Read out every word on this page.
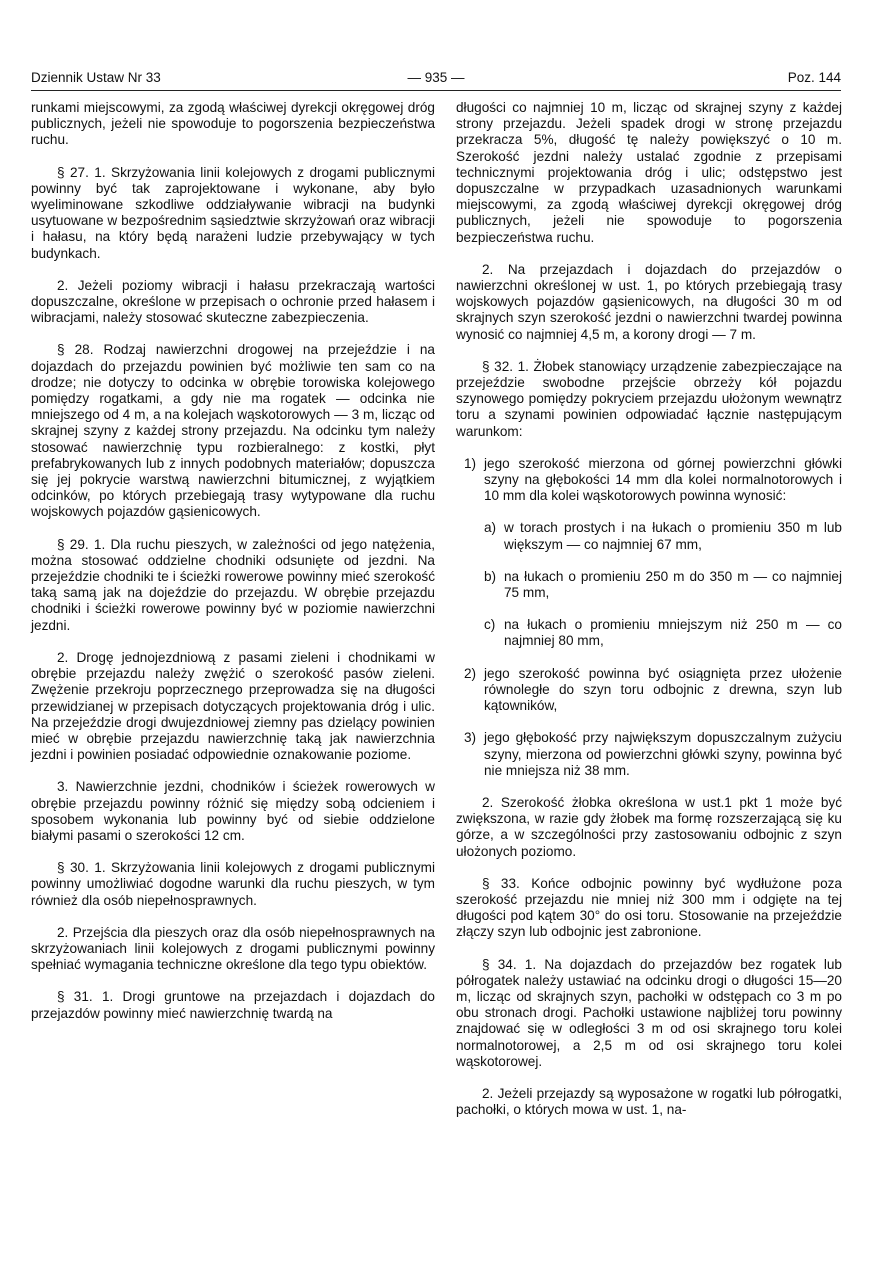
Dziennik Ustaw Nr 33	— 935 —	Poz. 144

runkami miejscowymi, za zgodą właściwej dyrekcji okręgowej dróg publicznych, jeżeli nie spowoduje to pogorszenia bezpieczeństwa ruchu.

§ 27. 1. Skrzyżowania linii kolejowych z drogami publicznymi powinny być tak zaprojektowane i wykonane, aby było wyeliminowane szkodliwe oddziaływanie wibracji na budynki usytuowane w bezpośrednim sąsiedztwie skrzyżowań oraz wibracji i hałasu, na który będą narażeni ludzie przebywający w tych budynkach.

2. Jeżeli poziomy wibracji i hałasu przekraczają wartości dopuszczalne, określone w przepisach o ochronie przed hałasem i wibracjami, należy stosować skuteczne zabezpieczenia.

§ 28. Rodzaj nawierzchni drogowej na przejeździe i na dojazdach do przejazdu powinien być możliwie ten sam co na drodze; nie dotyczy to odcinka w obrębie torowiska kolejowego pomiędzy rogatkami, a gdy nie ma rogatek — odcinka nie mniejszego od 4 m, a na kolejach wąskotorowych — 3 m, licząc od skrajnej szyny z każdej strony przejazdu. Na odcinku tym należy stosować nawierzchnię typu rozbieralnego: z kostki, płyt prefabrykowanych lub z innych podobnych materiałów; dopuszcza się jej pokrycie warstwą nawierzchni bitumicznej, z wyjątkiem odcinków, po których przebiegają trasy wytypowane dla ruchu wojskowych pojazdów gąsienicowych.

§ 29. 1. Dla ruchu pieszych, w zależności od jego natężenia, można stosować oddzielne chodniki odsunięte od jezdni. Na przejeździe chodniki te i ścieżki rowerowe powinny mieć szerokość taką samą jak na dojeździe do przejazdu. W obrębie przejazdu chodniki i ścieżki rowerowe powinny być w poziomie nawierzchni jezdni.

2. Drogę jednojezdniową z pasami zieleni i chodnikami w obrębie przejazdu należy zwężić o szerokość pasów zieleni. Zwężenie przekroju poprzecznego przeprowadza się na długości przewidzianej w przepisach dotyczących projektowania dróg i ulic. Na przejeździe drogi dwujezdniowej ziemny pas dzielący powinien mieć w obrębie przejazdu nawierzchnię taką jak nawierzchnia jezdni i powinien posiadać odpowiednie oznakowanie poziome.

3. Nawierzchnie jezdni, chodników i ścieżek rowerowych w obrębie przejazdu powinny różnić się między sobą odcieniem i sposobem wykonania lub powinny być od siebie oddzielone białymi pasami o szerokości 12 cm.

§ 30. 1. Skrzyżowania linii kolejowych z drogami publicznymi powinny umożliwiać dogodne warunki dla ruchu pieszych, w tym również dla osób niepełnosprawnych.

2. Przejścia dla pieszych oraz dla osób niepełnosprawnych na skrzyżowaniach linii kolejowych z drogami publicznymi powinny spełniać wymagania techniczne określone dla tego typu obiektów.

§ 31. 1. Drogi gruntowe na przejazdach i dojazdach do przejazdów powinny mieć nawierzchnię twardą na

długości co najmniej 10 m, licząc od skrajnej szyny z każdej strony przejazdu. Jeżeli spadek drogi w stronę przejazdu przekracza 5%, długość tę należy powiększyć o 10 m. Szerokość jezdni należy ustalać zgodnie z przepisami technicznymi projektowania dróg i ulic; odstępstwo jest dopuszczalne w przypadkach uzasadnionych warunkami miejscowymi, za zgodą właściwej dyrekcji okręgowej dróg publicznych, jeżeli nie spowoduje to pogorszenia bezpieczeństwa ruchu.

2. Na przejazdach i dojazdach do przejazdów o nawierzchni określonej w ust. 1, po których przebiegają trasy wojskowych pojazdów gąsienicowych, na długości 30 m od skrajnych szyn szerokość jezdni o nawierzchni twardej powinna wynosić co najmniej 4,5 m, a korony drogi — 7 m.

§ 32. 1. Żłobek stanowiący urządzenie zabezpieczające na przejeździe swobodne przejście obrzeży kół pojazdu szynowego pomiędzy pokryciem przejazdu ułożonym wewnątrz toru a szynami powinien odpowiadać łącznie następującym warunkom:

1) jego szerokość mierzona od górnej powierzchni główki szyny na głębokości 14 mm dla kolei normalnotorowych i 10 mm dla kolei wąskotorowych powinna wynosić:
a) w torach prostych i na łukach o promieniu 350 m lub większym — co najmniej 67 mm,
b) na łukach o promieniu 250 m do 350 m — co najmniej 75 mm,
c) na łukach o promieniu mniejszym niż 250 m — co najmniej 80 mm,
2) jego szerokość powinna być osiągnięta przez ułożenie równoległe do szyn toru odbojnic z drewna, szyn lub kątowników,
3) jego głębokość przy największym dopuszczalnym zużyciu szyny, mierzona od powierzchni główki szyny, powinna być nie mniejsza niż 38 mm.

2. Szerokość żłobka określona w ust.1 pkt 1 może być zwiększona, w razie gdy żłobek ma formę rozszerzającą się ku górze, a w szczególności przy zastosowaniu odbojnic z szyn ułożonych poziomo.

§ 33. Końce odbojnic powinny być wydłużone poza szerokość przejazdu nie mniej niż 300 mm i odgięte na tej długości pod kątem 30° do osi toru. Stosowanie na przejeździe złączy szyn lub odbojnic jest zabronione.

§ 34. 1. Na dojazdach do przejazdów bez rogatek lub półrogatek należy ustawiać na odcinku drogi o długości 15—20 m, licząc od skrajnych szyn, pachołki w odstępach co 3 m po obu stronach drogi. Pachołki ustawione najbliżej toru powinny znajdować się w odległości 3 m od osi skrajnego toru kolei normalnotorowej, a 2,5 m od osi skrajnego toru kolei wąskotorowej.

2. Jeżeli przejazdy są wyposażone w rogatki lub półrogatki, pachołki, o których mowa w ust. 1, na-
